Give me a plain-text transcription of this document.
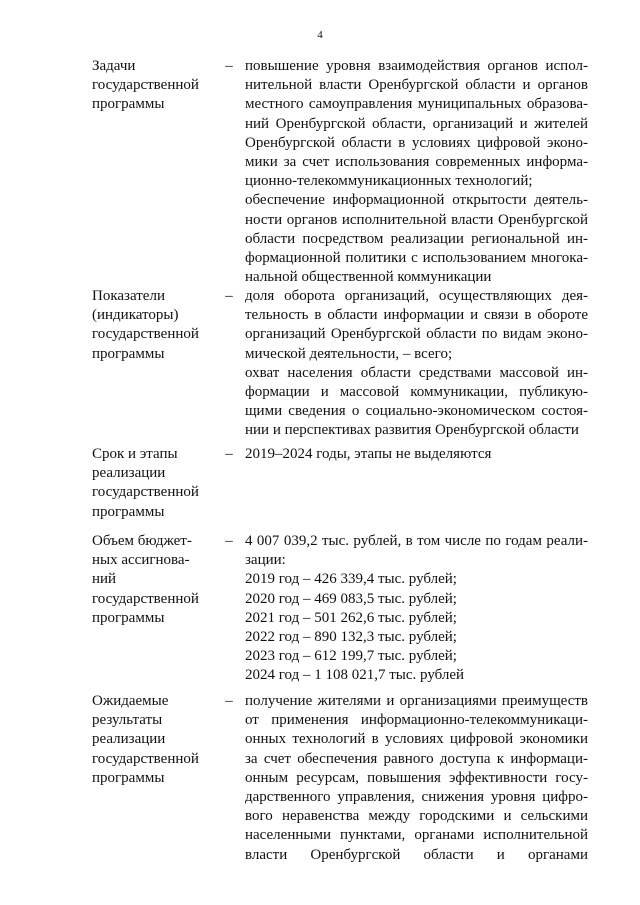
4
Задачи
государственной
программы
– повышение уровня взаимодействия органов испол-
нительной власти Оренбургской области и органов
местного самоуправления муниципальных образова-
ний Оренбургской области, организаций и жителей
Оренбургской области в условиях цифровой эконо-
мики за счет использования современных информа-
ционно-телекоммуникационных технологий;
обеспечение информационной открытости деятель-
ности органов исполнительной власти Оренбургской
области посредством реализации региональной ин-
формационной политики с использованием многока-
нальной общественной коммуникации
Показатели
(индикаторы)
государственной
программы
– доля оборота организаций, осуществляющих дея-
тельность в области информации и связи в обороте
организаций Оренбургской области по видам эконо-
мической деятельности, – всего;
охват населения области средствами массовой ин-
формации и массовой коммуникации, публикую-
щими сведения о социально-экономическом состоя-
нии и перспективах развития Оренбургской области
Срок и этапы
реализации
государственной
программы
– 2019–2024 годы, этапы не выделяются
Объем бюджет-
ных ассигнова-
ний
государственной
программы
– 4 007 039,2 тыс. рублей, в том числе по годам реали-
зации:
2019 год – 426 339,4 тыс. рублей;
2020 год – 469 083,5 тыс. рублей;
2021 год – 501 262,6 тыс. рублей;
2022 год – 890 132,3 тыс. рублей;
2023 год – 612 199,7 тыс. рублей;
2024 год – 1 108 021,7 тыс. рублей
Ожидаемые
результаты
реализации
государственной
программы
– получение жителями и организациями преимуществ
от применения информационно-телекоммуникаци-
онных технологий в условиях цифровой экономики
за счет обеспечения равного доступа к информаци-
онным ресурсам, повышения эффективности госу-
дарственного управления, снижения уровня цифро-
вого неравенства между городскими и сельскими
населенными пунктами, органами исполнительной
власти Оренбургской области и органами
